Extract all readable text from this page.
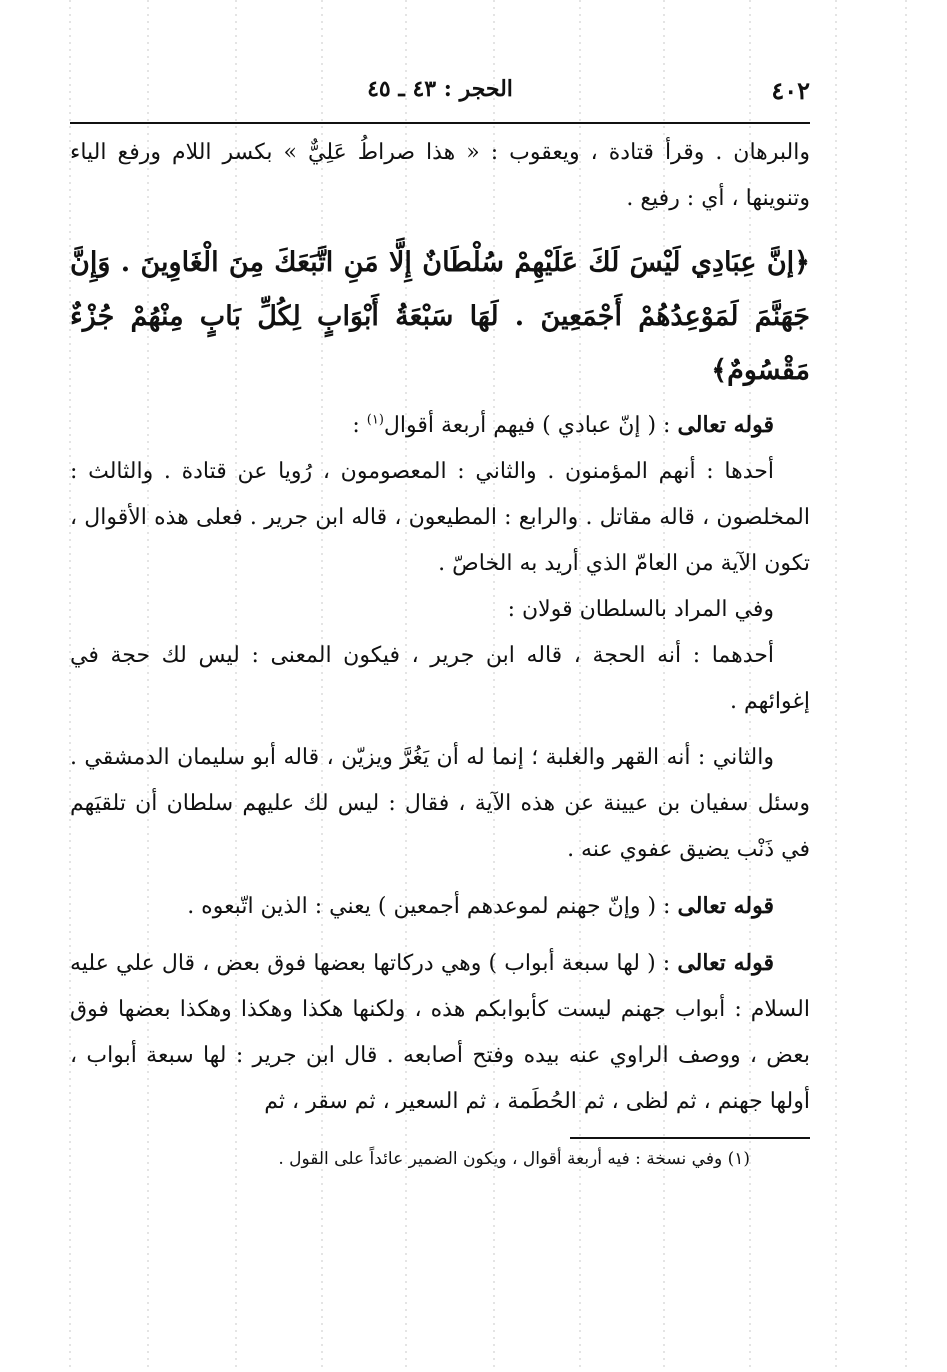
٤٠٢
الحجر : ٤٣ ـ ٤٥

والبرهان . وقرأ قتادة ، ويعقوب : « هذا صراطُ عَلِيٌّ » بكسر اللام ورفع الياء وتنوينها ، أي : رفيع .

﴿إنَّ عِبَادِي لَيْسَ لَكَ عَلَيْهِمْ سُلْطَانٌ إِلَّا مَنِ اتَّبَعَكَ مِنَ الْغَاوِينَ . وَإِنَّ جَهَنَّمَ لَمَوْعِدُهُمْ أَجْمَعِينَ . لَهَا سَبْعَةُ أَبْوَابٍ لِكُلِّ بَابٍ مِنْهُمْ جُزْءٌ مَقْسُومٌ﴾

قوله تعالى : ( إنّ عبادي ) فيهم أربعة أقوال$^{(١)}$ :

أحدها : أنهم المؤمنون . والثاني : المعصومون ، رُويا عن قتادة . والثالث : المخلصون ، قاله مقاتل . والرابع : المطيعون ، قاله ابن جرير . فعلى هذه الأقوال ، تكون الآية من العامّ الذي أريد به الخاصّ .

وفي المراد بالسلطان قولان :

أحدهما : أنه الحجة ، قاله ابن جرير ، فيكون المعنى : ليس لك حجة في إغوائهم .

والثاني : أنه القهر والغلبة ؛ إنما له أن يَغُرَّ ويزيّن ، قاله أبو سليمان الدمشقي . وسئل سفيان بن عيينة عن هذه الآية ، فقال : ليس لك عليهم سلطان أن تلقيَهم في ذَنْب يضيق عفوي عنه .

قوله تعالى : ( وإنّ جهنم لموعدهم أجمعين ) يعني : الذين اتّبعوه .

قوله تعالى : ( لها سبعة أبواب ) وهي دركاتها بعضها فوق بعض ، قال علي عليه السلام : أبواب جهنم ليست كأبوابكم هذه ، ولكنها هكذا وهكذا وهكذا بعضها فوق بعض ، ووصف الراوي عنه بيده وفتح أصابعه . قال ابن جرير : لها سبعة أبواب ، أولها جهنم ، ثم لظى ، ثم الحُطَمة ، ثم السعير ، ثم سقر ، ثم

(١) وفي نسخة : فيه أربعة أقوال ، ويكون الضمير عائداً على القول .
